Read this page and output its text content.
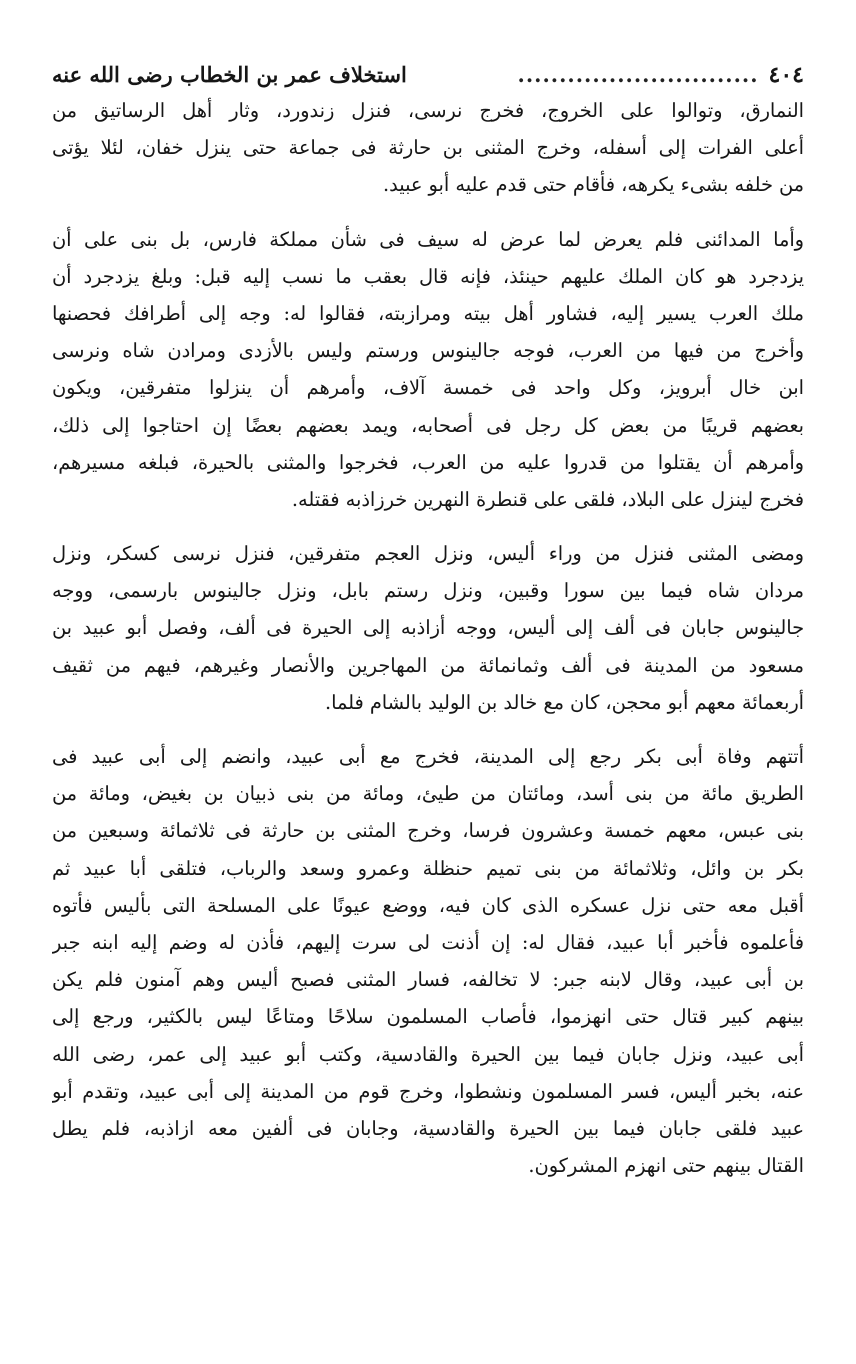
٤٠٤
.............................
استخلاف عمر بن الخطاب رضى الله عنه

النمارق، وتوالوا على الخروج، فخرج نرسى، فنزل زندورد، وثار أهل الرساتيق من
أعلى الفرات إلى أسفله، وخرج المثنى بن حارثة فى جماعة حتى ينزل خفان، لئلا يؤتى
من خلفه بشىء يكرهه، فأقام حتى قدم عليه أبو عبيد.

وأما المدائنى فلم يعرض لما عرض له سيف فى شأن مملكة فارس، بل بنى على أن
يزدجرد هو كان الملك عليهم حينئذ، فإنه قال بعقب ما نسب إليه قبل: وبلغ يزدجرد أن
ملك العرب يسير إليه، فشاور أهل بيته ومرازبته، فقالوا له: وجه إلى أطرافك فحصنها
وأخرج من فيها من العرب، فوجه جالينوس ورستم وليس بالأزدى ومرادن شاه ونرسى
ابن خال أبرويز، وكل واحد فى خمسة آلاف، وأمرهم أن ينزلوا متفرقين، ويكون
بعضهم قريبًا من بعض كل رجل فى أصحابه، ويمد بعضهم بعضًا إن احتاجوا إلى ذلك،
وأمرهم أن يقتلوا من قدروا عليه من العرب، فخرجوا والمثنى بالحيرة، فبلغه مسيرهم،
فخرج لينزل على البلاد، فلقى على قنطرة النهرين خرزاذبه فقتله.

ومضى المثنى فنزل من وراء أليس، ونزل العجم متفرقين، فنزل نرسى كسكر، ونزل
مردان شاه فيما بين سورا وقبين، ونزل رستم بابل، ونزل جالينوس بارسمى، ووجه
جالينوس جابان فى ألف إلى أليس، ووجه أزاذبه إلى الحيرة فى ألف، وفصل أبو عبيد بن
مسعود من المدينة فى ألف وثمانمائة من المهاجرين والأنصار وغيرهم، فيهم من ثقيف
أربعمائة معهم أبو محجن، كان مع خالد بن الوليد بالشام فلما.

أتتهم وفاة أبى بكر رجع إلى المدينة، فخرج مع أبى عبيد، وانضم إلى أبى عبيد فى
الطريق مائة من بنى أسد، ومائتان من طيئ، ومائة من بنى ذبيان بن بغيض، ومائة من
بنى عبس، معهم خمسة وعشرون فرسا، وخرج المثنى بن حارثة فى ثلاثمائة وسبعين من
بكر بن وائل، وثلاثمائة من بنى تميم حنظلة وعمرو وسعد والرباب، فتلقى أبا عبيد ثم
أقبل معه حتى نزل عسكره الذى كان فيه، ووضع عيونًا على المسلحة التى بأليس فأتوه
فأعلموه فأخبر أبا عبيد، فقال له: إن أذنت لى سرت إليهم، فأذن له وضم إليه ابنه جبر
بن أبى عبيد، وقال لابنه جبر: لا تخالفه، فسار المثنى فصبح أليس وهم آمنون فلم يكن
بينهم كبير قتال حتى انهزموا، فأصاب المسلمون سلاحًا ومتاعًا ليس بالكثير، ورجع إلى
أبى عبيد، ونزل جابان فيما بين الحيرة والقادسية، وكتب أبو عبيد إلى عمر، رضى الله
عنه، بخبر أليس، فسر المسلمون ونشطوا، وخرج قوم من المدينة إلى أبى عبيد، وتقدم أبو
عبيد فلقى جابان فيما بين الحيرة والقادسية، وجابان فى ألفين معه ازاذبه، فلم يطل
القتال بينهم حتى انهزم المشركون.
